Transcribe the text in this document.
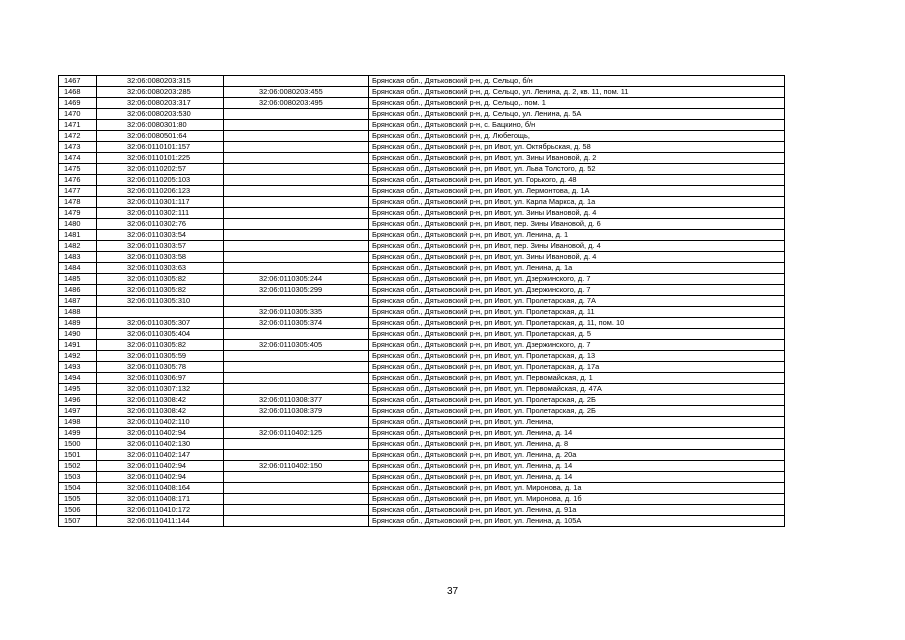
1467	32:06:0080203:315		Брянская обл., Дятьковский р-н, д. Сельцо, б/н
1468	32:06:0080203:285	32:06:0080203:455	Брянская обл., Дятьковский р-н, д. Сельцо, ул. Ленина, д. 2, кв. 11, пом. 11
1469	32:06:0080203:317	32:06:0080203:495	Брянская обл., Дятьковский р-н, д. Сельцо,. пом. 1
1470	32:06:0080203:530		Брянская обл., Дятьковский р-н, д. Сельцо, ул. Ленина, д. 5А
1471	32:06:0080301:80		Брянская обл., Дятьковский р-н, с. Бацкино, б/н
1472	32:06:0080501:64		Брянская обл., Дятьковский р-н, д. Любегощь,
1473	32:06:0110101:157		Брянская обл., Дятьковский р-н, рп Ивот, ул. Октябрьская, д. 58
1474	32:06:0110101:225		Брянская обл., Дятьковский р-н, рп Ивот, ул. Зины Ивановой, д. 2
1475	32:06:0110202:57		Брянская обл., Дятьковский р-н, рп Ивот, ул. Льва Толстого, д. 52
1476	32:06:0110205:103		Брянская обл., Дятьковский р-н, рп Ивот, ул. Горького, д. 48
1477	32:06:0110206:123		Брянская обл., Дятьковский р-н, рп Ивот, ул. Лермонтова, д. 1А
1478	32:06:0110301:117		Брянская обл., Дятьковский р-н, рп Ивот, ул. Карла Маркса, д. 1а
1479	32:06:0110302:111		Брянская обл., Дятьковский р-н, рп Ивот, ул. Зины Ивановой, д. 4
1480	32:06:0110302:76		Брянская обл., Дятьковский р-н, рп Ивот, пер. Зины Ивановой, д. 6
1481	32:06:0110303:54		Брянская обл., Дятьковский р-н, рп Ивот, ул. Ленина, д. 1
1482	32:06:0110303:57		Брянская обл., Дятьковский р-н, рп Ивот, пер. Зины Ивановой, д. 4
1483	32:06:0110303:58		Брянская обл., Дятьковский р-н, рп Ивот, ул. Зины Ивановой, д. 4
1484	32:06:0110303:63		Брянская обл., Дятьковский р-н, рп Ивот, ул. Ленина, д. 1а
1485	32:06:0110305:82	32:06:0110305:244	Брянская обл., Дятьковский р-н, рп Ивот, ул. Дзержинского, д. 7
1486	32:06:0110305:82	32:06:0110305:299	Брянская обл., Дятьковский р-н, рп Ивот, ул. Дзержинского, д. 7
1487	32:06:0110305:310		Брянская обл., Дятьковский р-н, рп Ивот, ул. Пролетарская, д. 7А
1488		32:06:0110305:335	Брянская обл., Дятьковский р-н, рп Ивот, ул. Пролетарская, д. 11
1489	32:06:0110305:307	32:06:0110305:374	Брянская обл., Дятьковский р-н, рп Ивот, ул. Пролетарская, д. 11, пом. 10
1490	32:06:0110305:404		Брянская обл., Дятьковский р-н, рп Ивот, ул. Пролетарская, д. 5
1491	32:06:0110305:82	32:06:0110305:405	Брянская обл., Дятьковский р-н, рп Ивот, ул. Дзержинского, д. 7
1492	32:06:0110305:59		Брянская обл., Дятьковский р-н, рп Ивот, ул. Пролетарская, д. 13
1493	32:06:0110305:78		Брянская обл., Дятьковский р-н, рп Ивот, ул. Пролетарская, д. 17а
1494	32:06:0110306:97		Брянская обл., Дятьковский р-н, рп Ивот, ул. Первомайская, д. 1
1495	32:06:0110307:132		Брянская обл., Дятьковский р-н, рп Ивот, ул. Первомайская, д. 47А
1496	32:06:0110308:42	32:06:0110308:377	Брянская обл., Дятьковский р-н, рп Ивот, ул. Пролетарская, д. 2Б
1497	32:06:0110308:42	32:06:0110308:379	Брянская обл., Дятьковский р-н, рп Ивот, ул. Пролетарская, д. 2Б
1498	32:06:0110402:110		Брянская обл., Дятьковский р-н, рп Ивот, ул. Ленина,
1499	32:06:0110402:94	32:06:0110402:125	Брянская обл., Дятьковский р-н, рп Ивот, ул. Ленина, д. 14
1500	32:06:0110402:130		Брянская обл., Дятьковский р-н, рп Ивот, ул. Ленина, д. 8
1501	32:06:0110402:147		Брянская обл., Дятьковский р-н, рп Ивот, ул. Ленина, д. 20а
1502	32:06:0110402:94	32:06:0110402:150	Брянская обл., Дятьковский р-н, рп Ивот, ул. Ленина, д. 14
1503	32:06:0110402:94		Брянская обл., Дятьковский р-н, рп Ивот, ул. Ленина, д. 14
1504	32:06:0110408:164		Брянская обл., Дятьковский р-н, рп Ивот, ул. Миронова, д. 1а
1505	32:06:0110408:171		Брянская обл., Дятьковский р-н, рп Ивот, ул. Миронова, д. 1б
1506	32:06:0110410:172		Брянская обл., Дятьковский р-н, рп Ивот, ул. Ленина, д. 91а
1507	32:06:0110411:144		Брянская обл., Дятьковский р-н, рп Ивот, ул. Ленина, д. 105А
37
